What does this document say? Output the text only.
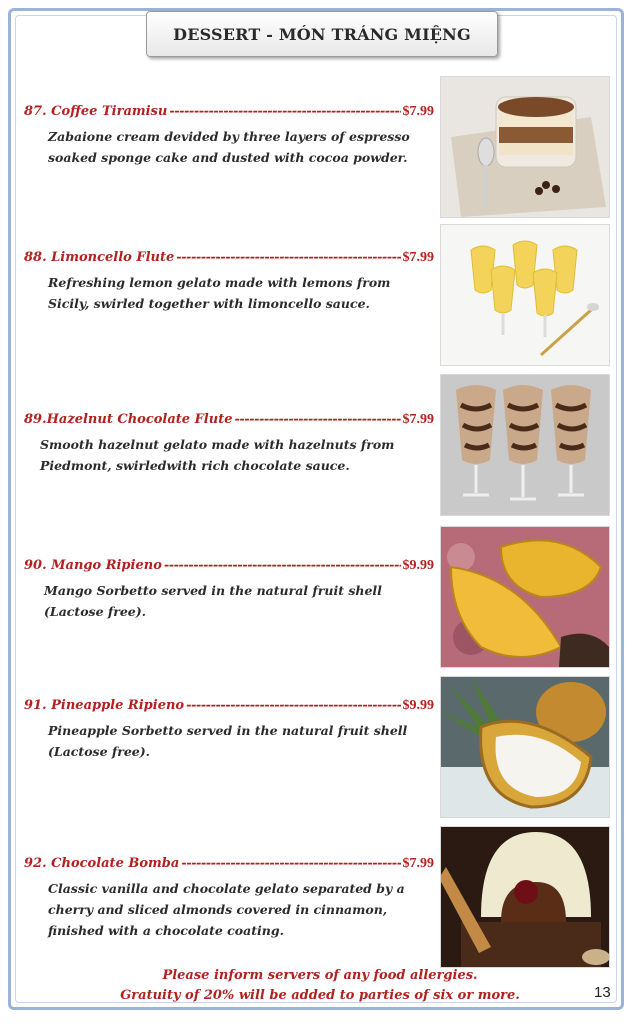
DESSERT - MÓN TRÁNG MIỆNG
87. Coffee Tiramisu -----	$7.99
Zabaione cream devided by three layers of espresso soaked sponge cake and dusted with cocoa powder.
88. Limoncello Flute -----	$7.99
Refreshing lemon gelato made with lemons from Sicily, swirled together with limoncello sauce.
89.Hazelnut Chocolate Flute -----	$7.99
Smooth hazelnut gelato made with hazelnuts from Piedmont, swirledwith rich chocolate sauce.
90. Mango Ripieno -----	$9.99
Mango Sorbetto served in the natural fruit shell (Lactose free).
91. Pineapple Ripieno -----	$9.99
Pineapple Sorbetto served in the natural fruit shell (Lactose free).
92. Chocolate Bomba -----	$7.99
Classic vanilla and chocolate gelato separated by a cherry and sliced almonds covered in cinnamon, finished with a chocolate coating.
Please inform servers of any food allergies.
Gratuity of 20% will be added to parties of six or more.	13
